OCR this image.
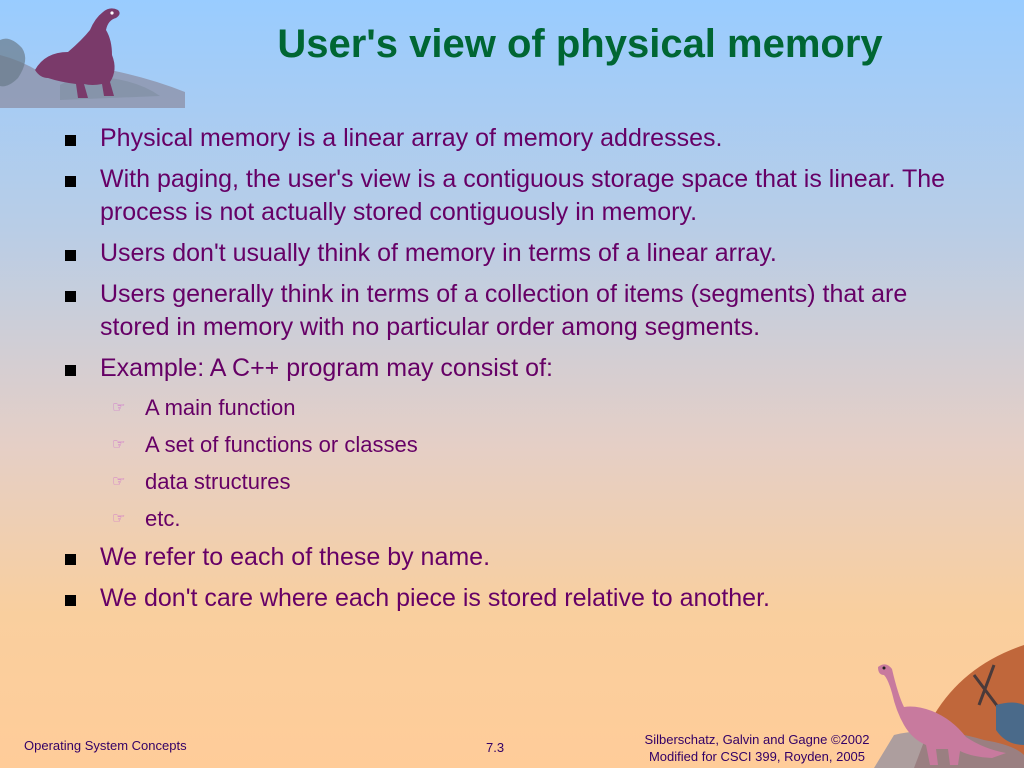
User's view of physical memory
Physical memory is a linear array of memory addresses.
With paging, the user's view is a contiguous storage space that is linear. The process is not actually stored contiguously in memory.
Users don't usually think of memory in terms of a linear array.
Users generally think in terms of a collection of items (segments) that are stored in memory with no particular order among segments.
Example: A C++ program may consist of:
☞ A main function
☞ A set of functions or classes
☞ data structures
☞ etc.
We refer to each of these by name.
We don't care where each piece is stored relative to another.
Operating System Concepts	7.3
Silberschatz, Galvin and Gagne ©2002
Modified for CSCI 399, Royden, 2005
